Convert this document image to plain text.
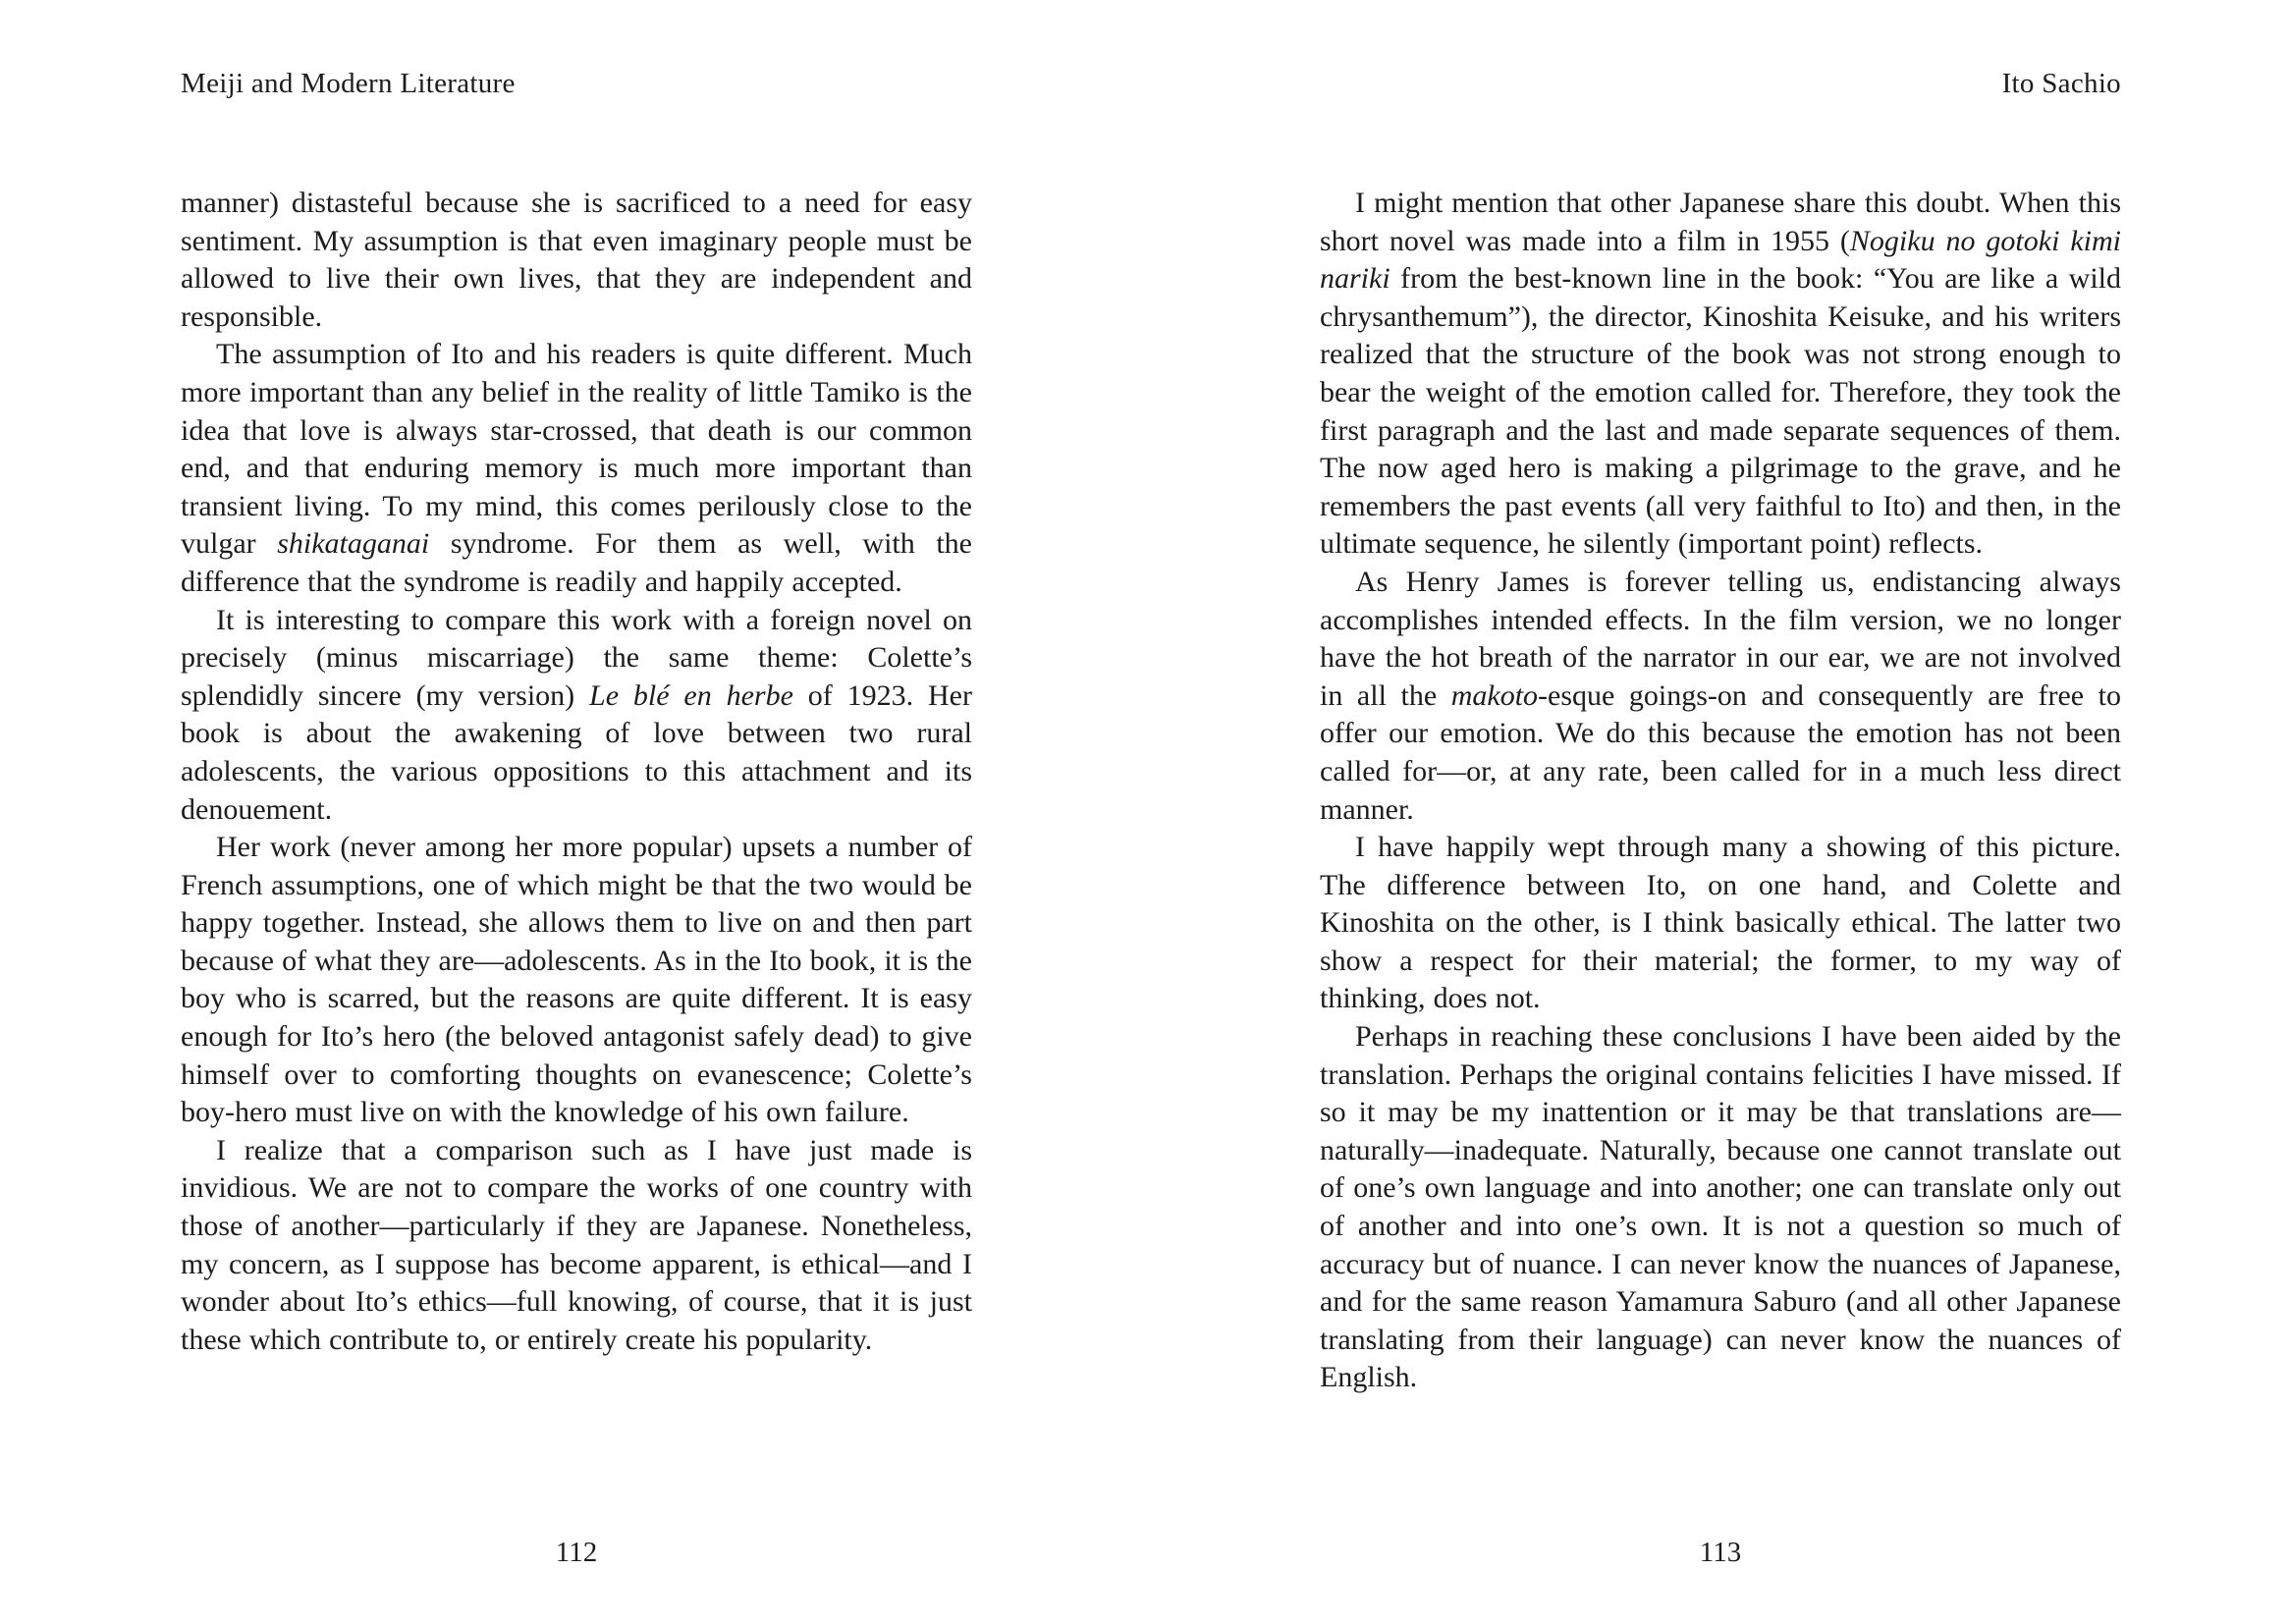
Meiji and Modern Literature

manner) distasteful because she is sacrificed to a need for easy sentiment. My assumption is that even imaginary people must be allowed to live their own lives, that they are independent and responsible.

The assumption of Ito and his readers is quite different. Much more important than any belief in the reality of little Tamiko is the idea that love is always star-crossed, that death is our common end, and that enduring memory is much more important than transient living. To my mind, this comes perilously close to the vulgar shikataganai syndrome. For them as well, with the difference that the syndrome is readily and happily accepted.

It is interesting to compare this work with a foreign novel on precisely (minus miscarriage) the same theme: Colette’s splendidly sincere (my version) Le blé en herbe of 1923. Her book is about the awakening of love between two rural adolescents, the various oppositions to this attachment and its denouement.

Her work (never among her more popular) upsets a number of French assumptions, one of which might be that the two would be happy together. Instead, she allows them to live on and then part because of what they are—adolescents. As in the Ito book, it is the boy who is scarred, but the reasons are quite different. It is easy enough for Ito’s hero (the beloved antagonist safely dead) to give himself over to comforting thoughts on evanescence; Colette’s boy-hero must live on with the knowledge of his own failure.

I realize that a comparison such as I have just made is invidious. We are not to compare the works of one country with those of another—particularly if they are Japanese. Nonetheless, my concern, as I suppose has become apparent, is ethical—and I wonder about Ito’s ethics—full knowing, of course, that it is just these which contribute to, or entirely create his popularity.

112
Ito Sachio

I might mention that other Japanese share this doubt. When this short novel was made into a film in 1955 (Nogiku no gotoki kimi nariki from the best-known line in the book: “You are like a wild chrysanthemum”), the director, Kinoshita Keisuke, and his writers realized that the structure of the book was not strong enough to bear the weight of the emotion called for. Therefore, they took the first paragraph and the last and made separate sequences of them. The now aged hero is making a pilgrimage to the grave, and he remembers the past events (all very faithful to Ito) and then, in the ultimate sequence, he silently (important point) reflects.

As Henry James is forever telling us, endistancing always accomplishes intended effects. In the film version, we no longer have the hot breath of the narrator in our ear, we are not involved in all the makoto-esque goings-on and consequently are free to offer our emotion. We do this because the emotion has not been called for—or, at any rate, been called for in a much less direct manner.

I have happily wept through many a showing of this picture. The difference between Ito, on one hand, and Colette and Kinoshita on the other, is I think basically ethical. The latter two show a respect for their material; the former, to my way of thinking, does not.

Perhaps in reaching these conclusions I have been aided by the translation. Perhaps the original contains felicities I have missed. If so it may be my inattention or it may be that translations are—naturally—inadequate. Naturally, because one cannot translate out of one’s own language and into another; one can translate only out of another and into one’s own. It is not a question so much of accuracy but of nuance. I can never know the nuances of Japanese, and for the same reason Yamamura Saburo (and all other Japanese translating from their language) can never know the nuances of English.

113
